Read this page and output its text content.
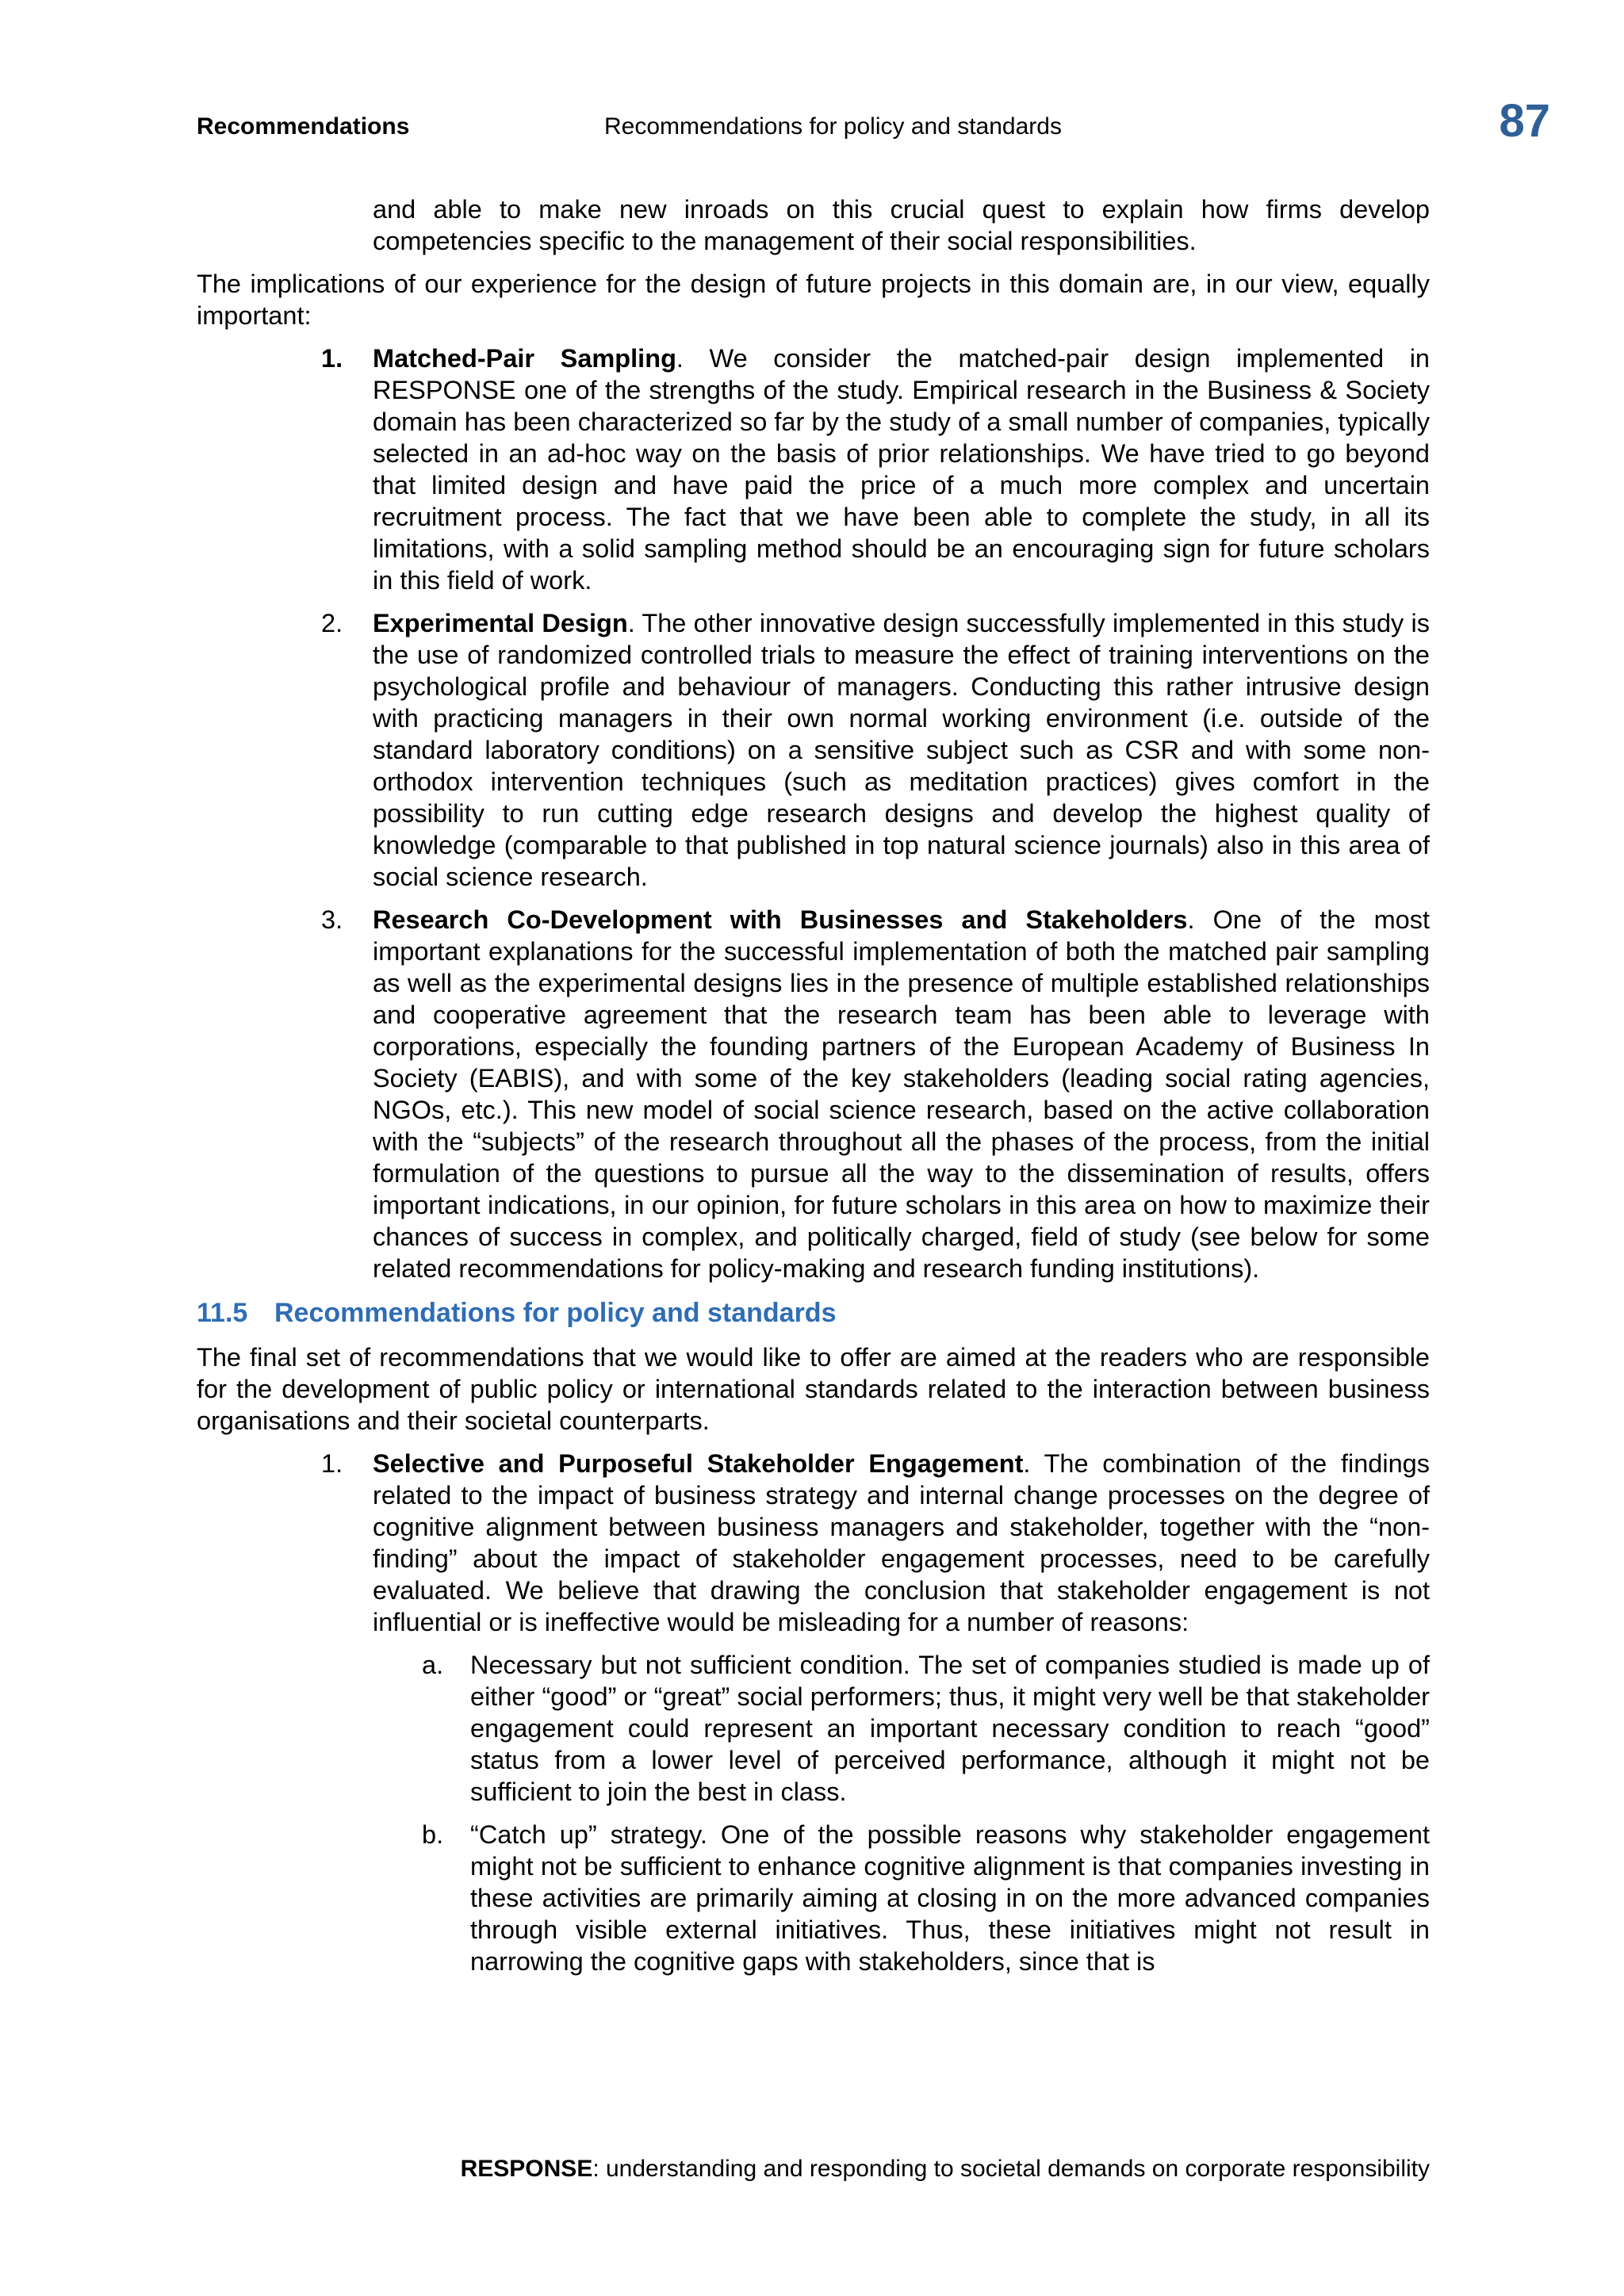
Recommendations	Recommendations for policy and standards	87

and able to make new inroads on this crucial quest to explain how firms develop competencies specific to the management of their social responsibilities.

The implications of our experience for the design of future projects in this domain are, in our view, equally important:

1. Matched-Pair Sampling. We consider the matched-pair design implemented in RESPONSE one of the strengths of the study. Empirical research in the Business & Society domain has been characterized so far by the study of a small number of companies, typically selected in an ad-hoc way on the basis of prior relationships. We have tried to go beyond that limited design and have paid the price of a much more complex and uncertain recruitment process. The fact that we have been able to complete the study, in all its limitations, with a solid sampling method should be an encouraging sign for future scholars in this field of work.

2. Experimental Design. The other innovative design successfully implemented in this study is the use of randomized controlled trials to measure the effect of training interventions on the psychological profile and behaviour of managers. Conducting this rather intrusive design with practicing managers in their own normal working environment (i.e. outside of the standard laboratory conditions) on a sensitive subject such as CSR and with some non-orthodox intervention techniques (such as meditation practices) gives comfort in the possibility to run cutting edge research designs and develop the highest quality of knowledge (comparable to that published in top natural science journals) also in this area of social science research.

3. Research Co-Development with Businesses and Stakeholders. One of the most important explanations for the successful implementation of both the matched pair sampling as well as the experimental designs lies in the presence of multiple established relationships and cooperative agreement that the research team has been able to leverage with corporations, especially the founding partners of the European Academy of Business In Society (EABIS), and with some of the key stakeholders (leading social rating agencies, NGOs, etc.). This new model of social science research, based on the active collaboration with the “subjects” of the research throughout all the phases of the process, from the initial formulation of the questions to pursue all the way to the dissemination of results, offers important indications, in our opinion, for future scholars in this area on how to maximize their chances of success in complex, and politically charged, field of study (see below for some related recommendations for policy-making and research funding institutions).

11.5 Recommendations for policy and standards

The final set of recommendations that we would like to offer are aimed at the readers who are responsible for the development of public policy or international standards related to the interaction between business organisations and their societal counterparts.

1. Selective and Purposeful Stakeholder Engagement. The combination of the findings related to the impact of business strategy and internal change processes on the degree of cognitive alignment between business managers and stakeholder, together with the “non-finding” about the impact of stakeholder engagement processes, need to be carefully evaluated. We believe that drawing the conclusion that stakeholder engagement is not influential or is ineffective would be misleading for a number of reasons:

a. Necessary but not sufficient condition. The set of companies studied is made up of either “good” or “great” social performers; thus, it might very well be that stakeholder engagement could represent an important necessary condition to reach “good” status from a lower level of perceived performance, although it might not be sufficient to join the best in class.

b. “Catch up” strategy. One of the possible reasons why stakeholder engagement might not be sufficient to enhance cognitive alignment is that companies investing in these activities are primarily aiming at closing in on the more advanced companies through visible external initiatives. Thus, these initiatives might not result in narrowing the cognitive gaps with stakeholders, since that is

RESPONSE: understanding and responding to societal demands on corporate responsibility
